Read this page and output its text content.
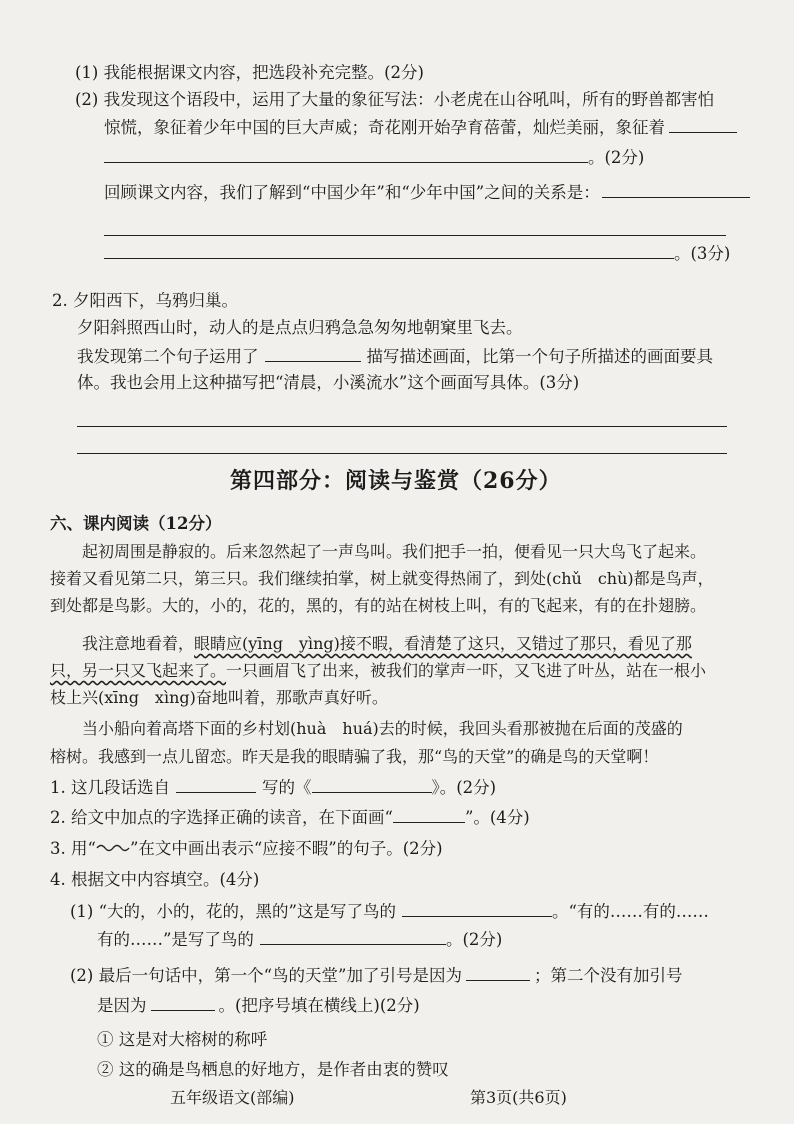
(1) 我能根据课文内容，把选段补充完整。(2分)
(2) 我发现这个语段中，运用了大量的象征写法：小老虎在山谷吼叫，所有的野兽都害怕
惊慌，象征着少年中国的巨大声威；奇花刚开始孕育蓓蕾，灿烂美丽，象征着
。(2分)
回顾课文内容，我们了解到“中国少年”和“少年中国”之间的关系是：
。(3分)
2. 夕阳西下，乌鸦归巢。
夕阳斜照西山时，动人的是点点归鸦急急匆匆地朝窠里飞去。
我发现第二个句子运用了	描写描述画面，比第一个句子所描述的画面要具
体。我也会用上这种描写把“清晨，小溪流水”这个画面写具体。(3分)
第四部分：阅读与鉴赏（26分）
六、课内阅读（12分）
起初周围是静寂的。后来忽然起了一声鸟叫。我们把手一拍，便看见一只大鸟飞了起来。
接着又看见第二只，第三只。我们继续拍掌，树上就变得热闹了，到处(chǔ　chù)都是鸟声，
到处都是鸟影。大的，小的，花的，黑的，有的站在树枝上叫，有的飞起来，有的在扑翅膀。
我注意地看着，眼睛应(yīng　yìng)接不暇，看清楚了这只，又错过了那只，看见了那
只，另一只又飞起来了。一只画眉飞了出来，被我们的掌声一吓，又飞进了叶丛，站在一根小
枝上兴(xīng　xìng)奋地叫着，那歌声真好听。
当小船向着高塔下面的乡村划(huà　huá)去的时候，我回头看那被抛在后面的茂盛的
榕树。我感到一点儿留恋。昨天是我的眼睛骗了我，那“鸟的天堂”的确是鸟的天堂啊！
1. 这几段话选自	写的《	》。(2分)
2. 给文中加点的字选择正确的读音，在下面画“	”。(4分)
3. 用“ ”在文中画出表示“应接不暇”的句子。(2分)
4. 根据文中内容填空。(4分)
(1) “大的，小的，花的，黑的”这是写了鸟的	。“有的……有的……
有的……”是写了鸟的	。(2分)
(2) 最后一句话中，第一个“鸟的天堂”加了引号是因为	；第二个没有加引号
是因为	。(把序号填在横线上)(2分)
① 这是对大榕树的称呼
② 这的确是鸟栖息的好地方，是作者由衷的赞叹
五年级语文(部编)	第3页(共6页)
